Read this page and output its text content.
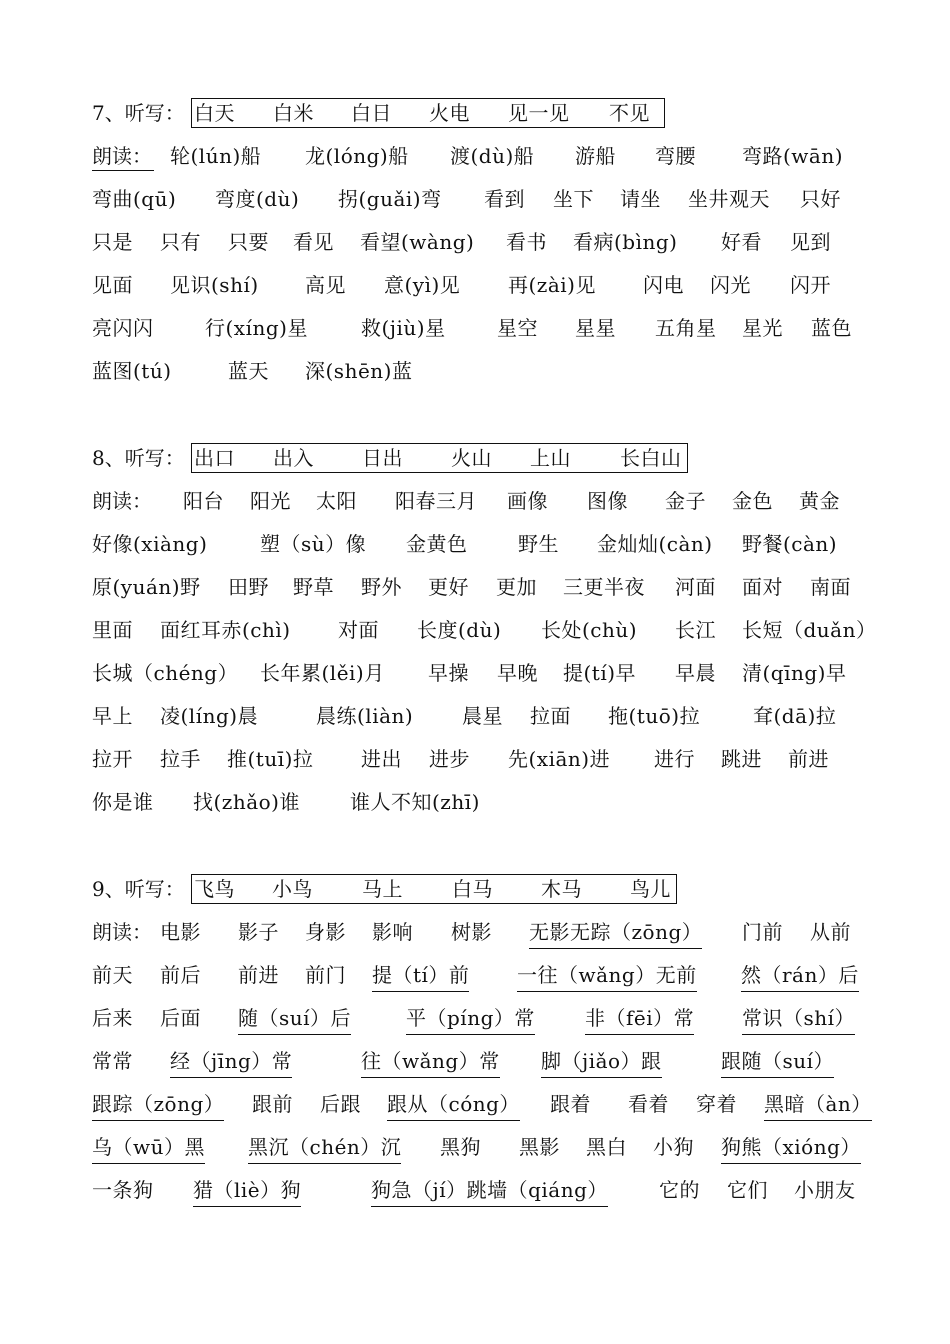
7、听写： 白天 白米 白日 火电 见一见 不见
朗读： 轮(lún)船 龙(lóng)船 渡(dù)船 游船 弯腰 弯路(wān)
弯曲(qū) 弯度(dù) 拐(guǎi)弯 看到 坐下 请坐 坐井观天 只好
只是 只有 只要 看见 看望(wàng) 看书 看病(bìng) 好看 见到
见面 见识(shí) 高见 意(yì)见 再(zài)见 闪电 闪光 闪开
亮闪闪	行(xíng)星	救(jiù)星	星空 星星 五角星 星光 蓝色
蓝图(tú)	蓝天 深(shēn)蓝
8、听写： 出口 出入 日出 火山 上山 长白山
朗读： 阳台 阳光 太阳 阳春三月 画像 图像 金子 金色 黄金
好像(xiàng)	塑（sù）像 金黄色	野生 金灿灿(càn) 野餐(càn)
原(yuán)野 田野 野草 野外 更好 更加 三更半夜 河面 面对 南面
里面 面红耳赤(chì) 对面 长度(dù) 长处(chù) 长江 长短（duǎn）
长城（chéng） 长年累(lěi)月 早操 早晚 提(tí)早 早晨 清(qīng)早
早上 凌(líng)晨	晨练(liàn) 晨星 拉面 拖(tuō)拉	耷(dā)拉
拉开 拉手 推(tuī)拉 进出 进步 先(xiān)进 进行 跳进 前进
你是谁 找(zhǎo)谁	谁人不知(zhī)
9、听写： 飞鸟 小鸟 马上 白马 木马 鸟儿
朗读： 电影 影子 身影 影响 树影 无影无踪（zōng） 门前 从前
前天 前后 前进 前门 提（tí）前 一往（wǎng）无前 然（rán）后
后来 后面 随（suí）后	平（píng）常	非（fēi）常 常识（shí）
常常 经（jīng）常	往（wǎng）常 脚（jiǎo）跟	跟随（suí）
跟踪（zōng） 跟前 后跟 跟从（cóng） 跟着 看着 穿着 黑暗（àn）
乌（wū）黑 黑沉（chén）沉 黑狗 黑影 黑白 小狗 狗熊（xióng）
一条狗 猎（liè）狗	狗急（jí）跳墙（qiáng）	它的 它们 小朋友
